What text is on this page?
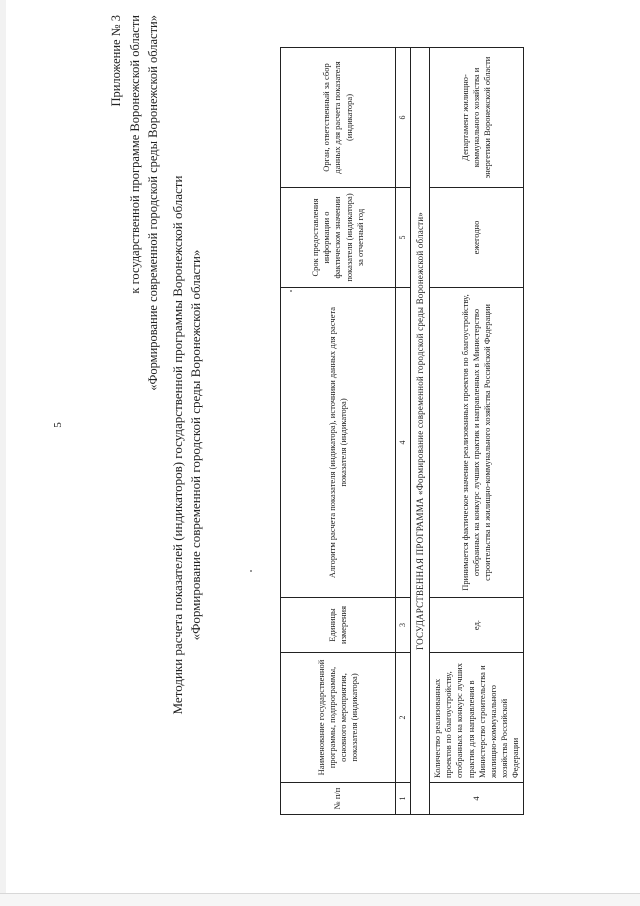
5
Приложение № 3 к государственной программе Воронежской области «Формирование современной городской среды Воронежской области» Методики расчета показателей (индикаторов) государственной программы Воронежской области «Формирование современной городской среды Воронежской области»
№ п/п	Наименование государственной программы, подпрограммы, основного мероприятия, показателя (индикатора)	Единицы измерения	Алгоритм расчета показателя (индикатора), источники данных для расчета показателя (индикатора)	Срок предоставления информации о фактическом значении показателя (индикатора) за отчетный год	Орган, ответственный за сбор данных для расчета показателя (индикатора)
1	2	3	4	5	6
ГОСУДАРСТВЕННАЯ ПРОГРАММА «Формирование современной городской среды Воронежской области»					
4	Количество реализованных проектов по благоустройству, отобранных на конкурс лучших практик для направления в Министерство строительства и жилищно-коммунального хозяйства Российской Федерации	ед.	Принимается фактическое значение реализованных проектов по благоустройству, отобранных на конкурс лучших практик и направленных в Министерство строительства и жилищно-коммунального хозяйства Российской Федерации	ежегодно	Департамент жилищно-коммунального хозяйства и энергетики Воронежской области
